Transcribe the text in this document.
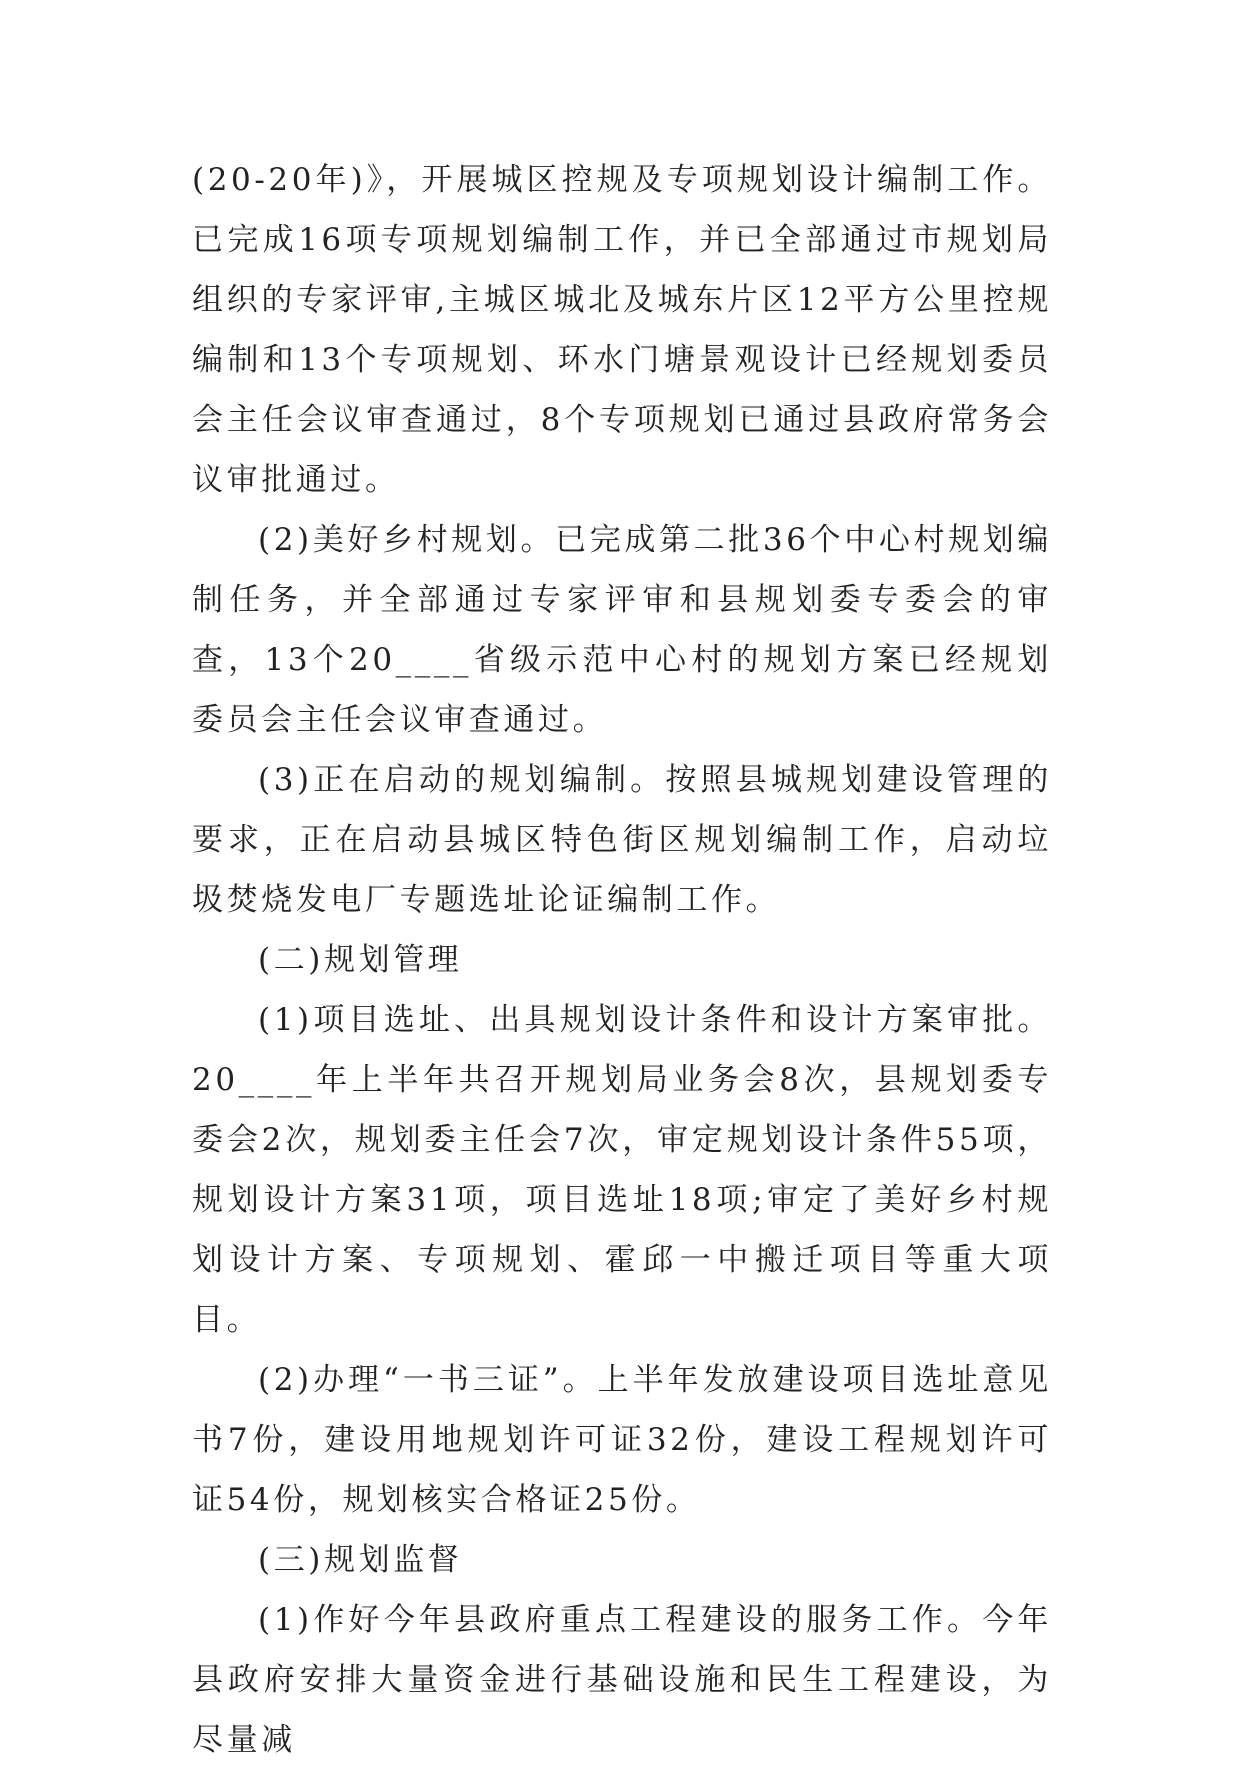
(20-20年)》，开展城区控规及专项规划设计编制工作。已完成16项专项规划编制工作，并已全部通过市规划局组织的专家评审,主城区城北及城东片区12平方公里控规编制和13个专项规划、环水门塘景观设计已经规划委员会主任会议审查通过，8个专项规划已通过县政府常务会议审批通过。

(2)美好乡村规划。已完成第二批36个中心村规划编制任务，并全部通过专家评审和县规划委专委会的审查，13个20____省级示范中心村的规划方案已经规划委员会主任会议审查通过。

(3)正在启动的规划编制。按照县城规划建设管理的要求，正在启动县城区特色街区规划编制工作，启动垃圾焚烧发电厂专题选址论证编制工作。

(二)规划管理

(1)项目选址、出具规划设计条件和设计方案审批。20____年上半年共召开规划局业务会8次，县规划委专委会2次，规划委主任会7次，审定规划设计条件55项，规划设计方案31项，项目选址18项;审定了美好乡村规划设计方案、专项规划、霍邱一中搬迁项目等重大项目。

(2)办理“一书三证”。上半年发放建设项目选址意见书7份，建设用地规划许可证32份，建设工程规划许可证54份，规划核实合格证25份。

(三)规划监督

(1)作好今年县政府重点工程建设的服务工作。今年县政府安排大量资金进行基础设施和民生工程建设，为尽量减
